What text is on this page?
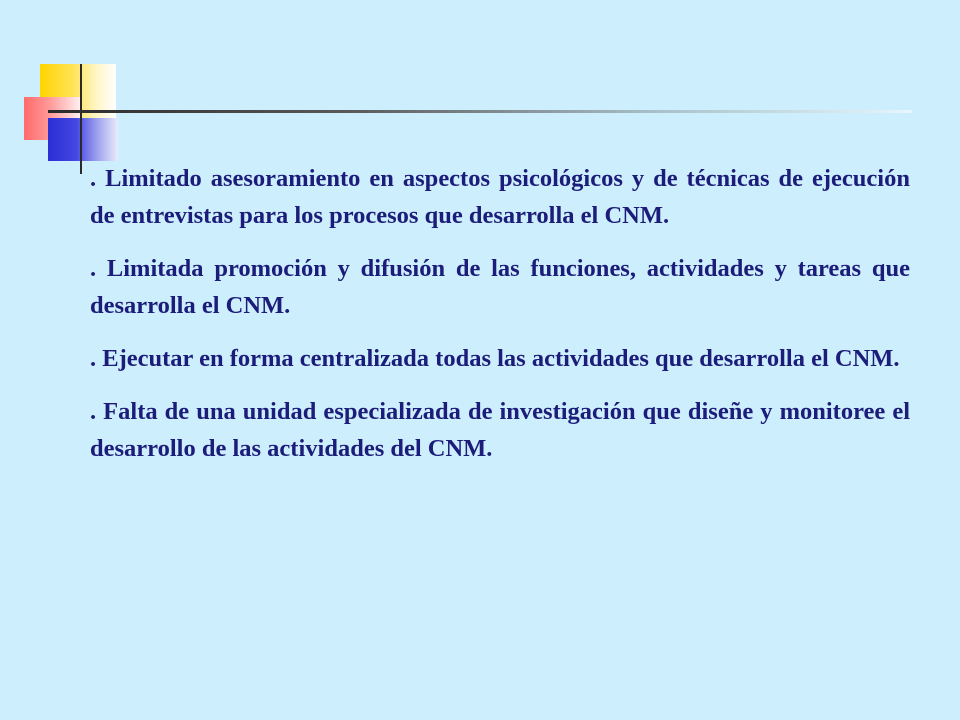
. Limitado asesoramiento en aspectos psicológicos y de técnicas de ejecución de entrevistas para los procesos que desarrolla el CNM.

. Limitada promoción y difusión de las funciones, actividades y tareas que desarrolla el CNM.

. Ejecutar en forma centralizada todas las actividades que desarrolla el CNM.

. Falta de una unidad especializada de investigación que diseñe y monitoree el desarrollo de las actividades del CNM.
